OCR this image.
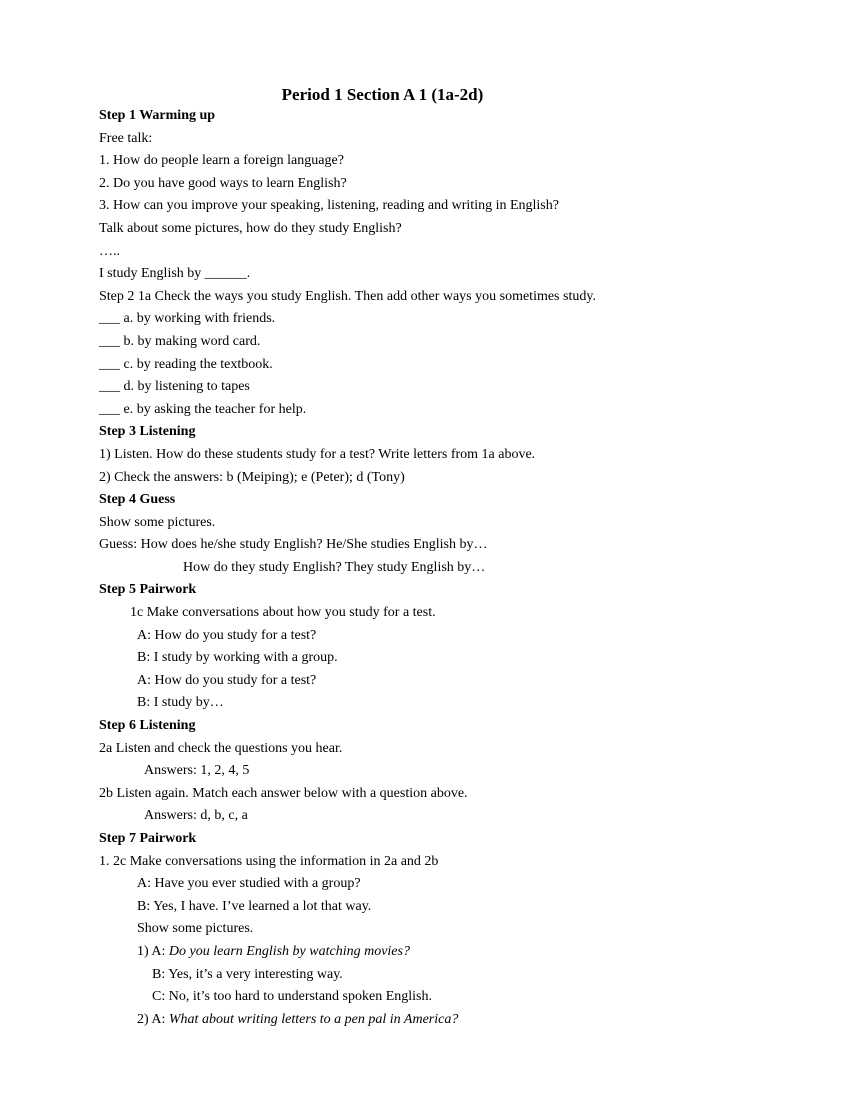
Period 1 Section A 1 (1a-2d)
Step 1 Warming up
Free talk:
1. How do people learn a foreign language?
2. Do you have good ways to learn English?
3. How can you improve your speaking, listening, reading and writing in English?
Talk about some pictures, how do they study English?
…..
I study English by ______.
Step 2 1a Check the ways you study English. Then add other ways you sometimes study.
___ a. by working with friends.
___ b. by making word card.
___ c. by reading the textbook.
___ d. by listening to tapes
___ e. by asking the teacher for help.
Step 3 Listening
1) Listen. How do these students study for a test? Write letters from 1a above.
2) Check the answers: b (Meiping); e (Peter); d (Tony)
Step 4 Guess
Show some pictures.
Guess: How does he/she study English? He/She studies English by…
How do they study English? They study English by…
Step 5 Pairwork
1c Make conversations about how you study for a test.
A: How do you study for a test?
B: I study by working with a group.
A: How do you study for a test?
B: I study by…
Step 6 Listening
2a Listen and check the questions you hear.
Answers: 1, 2, 4, 5
2b Listen again. Match each answer below with a question above.
Answers: d, b, c, a
Step 7 Pairwork
1. 2c Make conversations using the information in 2a and 2b
A: Have you ever studied with a group?
B: Yes, I have. I’ve learned a lot that way.
Show some pictures.
1) A: Do you learn English by watching movies?
B: Yes, it’s a very interesting way.
C: No, it’s too hard to understand spoken English.
2) A: What about writing letters to a pen pal in America?
